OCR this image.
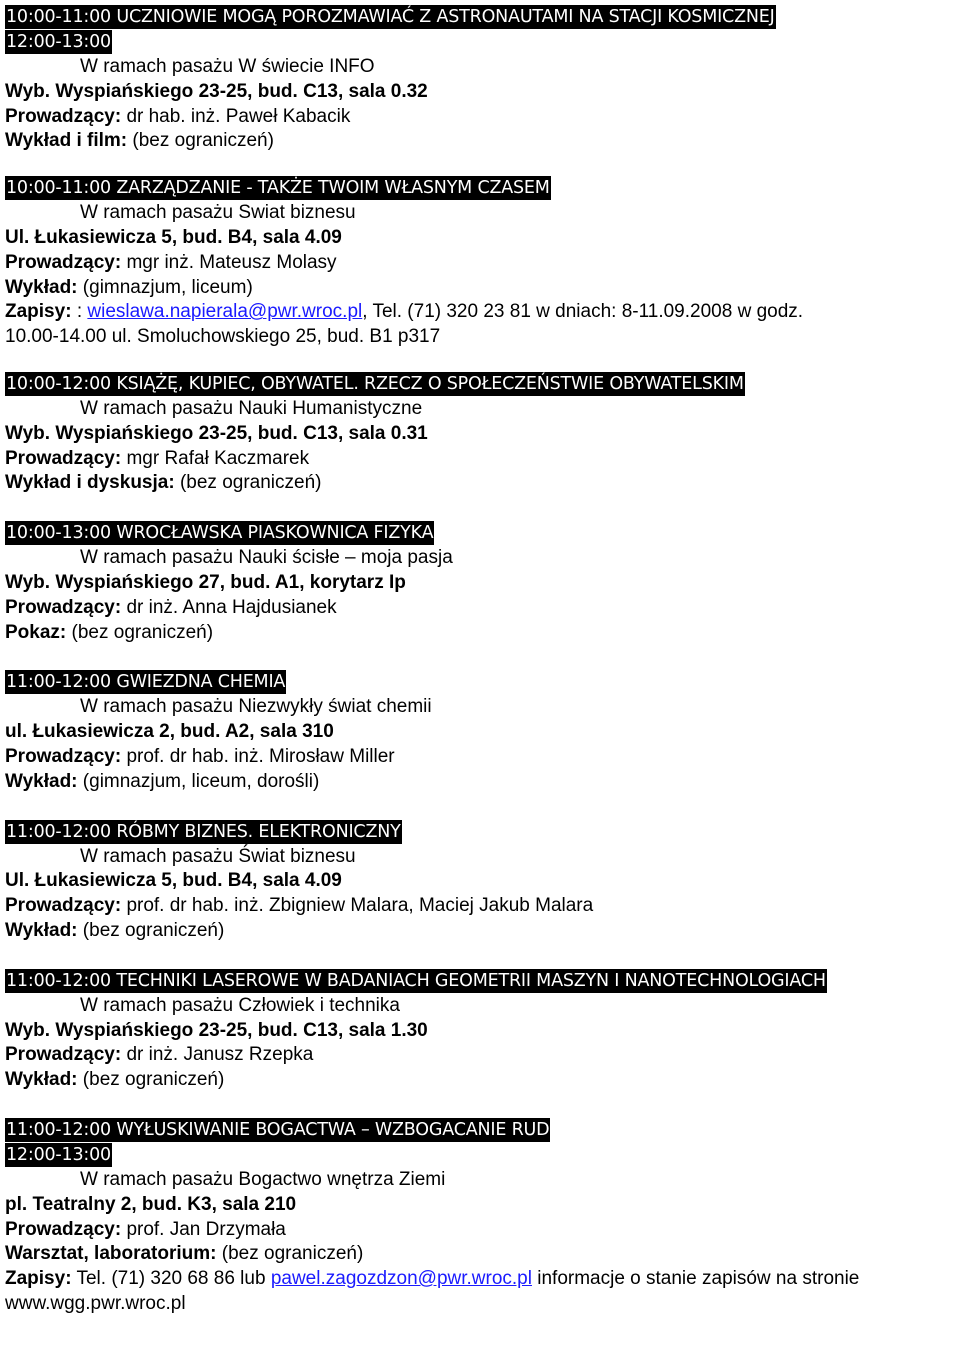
10:00-11:00 UCZNIOWIE MOGĄ POROZMAWIAĆ Z ASTRONAUTAMI NA STACJI KOSMICZNEJ
12:00-13:00
W ramach pasażu W świecie INFO
Wyb. Wyspiańskiego 23-25, bud. C13, sala 0.32
Prowadzący: dr hab. inż. Paweł Kabacik
Wykład i film: (bez ograniczeń)
10:00-11:00 ZARZĄDZANIE - TAKŻE TWOIM WŁASNYM CZASEM
W ramach pasażu Swiat biznesu
Ul. Łukasiewicza 5, bud. B4, sala 4.09
Prowadzący: mgr inż. Mateusz Molasy
Wykład: (gimnazjum, liceum)
Zapisy: : wieslawa.napierala@pwr.wroc.pl, Tel. (71) 320 23 81 w dniach: 8-11.09.2008 w godz.
10.00-14.00 ul. Smoluchowskiego 25, bud. B1 p317
10:00-12:00 KSIĄŻĘ, KUPIEC, OBYWATEL. RZECZ O SPOŁECZEŃSTWIE OBYWATELSKIM
W ramach pasażu Nauki Humanistyczne
Wyb. Wyspiańskiego 23-25, bud. C13, sala 0.31
Prowadzący: mgr Rafał Kaczmarek
Wykład i dyskusja: (bez ograniczeń)
10:00-13:00 WROCŁAWSKA PIASKOWNICA FIZYKA
W ramach pasażu Nauki ścisłe – moja pasja
Wyb. Wyspiańskiego 27, bud. A1, korytarz Ip
Prowadzący: dr inż. Anna Hajdusianek
Pokaz: (bez ograniczeń)
11:00-12:00 GWIEZDNA CHEMIA
W ramach pasażu Niezwykły świat chemii
ul. Łukasiewicza 2, bud. A2, sala 310
Prowadzący: prof. dr hab. inż. Mirosław Miller
Wykład: (gimnazjum, liceum, dorośli)
11:00-12:00 RÓBMY BIZNES. ELEKTRONICZNY
W ramach pasażu Świat biznesu
Ul. Łukasiewicza 5, bud. B4, sala 4.09
Prowadzący: prof. dr hab. inż. Zbigniew Malara, Maciej Jakub Malara
Wykład: (bez ograniczeń)
11:00-12:00 TECHNIKI LASEROWE W BADANIACH GEOMETRII MASZYN I NANOTECHNOLOGIACH
W ramach pasażu Człowiek i technika
Wyb. Wyspiańskiego 23-25, bud. C13, sala 1.30
Prowadzący: dr inż. Janusz Rzepka
Wykład: (bez ograniczeń)
11:00-12:00 WYŁUSKIWANIE BOGACTWA – WZBOGACANIE RUD
12:00-13:00
W ramach pasażu Bogactwo wnętrza Ziemi
pl. Teatralny 2, bud. K3, sala 210
Prowadzący: prof. Jan Drzymała
Warsztat, laboratorium: (bez ograniczeń)
Zapisy: Tel. (71) 320 68 86 lub pawel.zagozdzon@pwr.wroc.pl informacje o stanie zapisów na stronie
www.wgg.pwr.wroc.pl
